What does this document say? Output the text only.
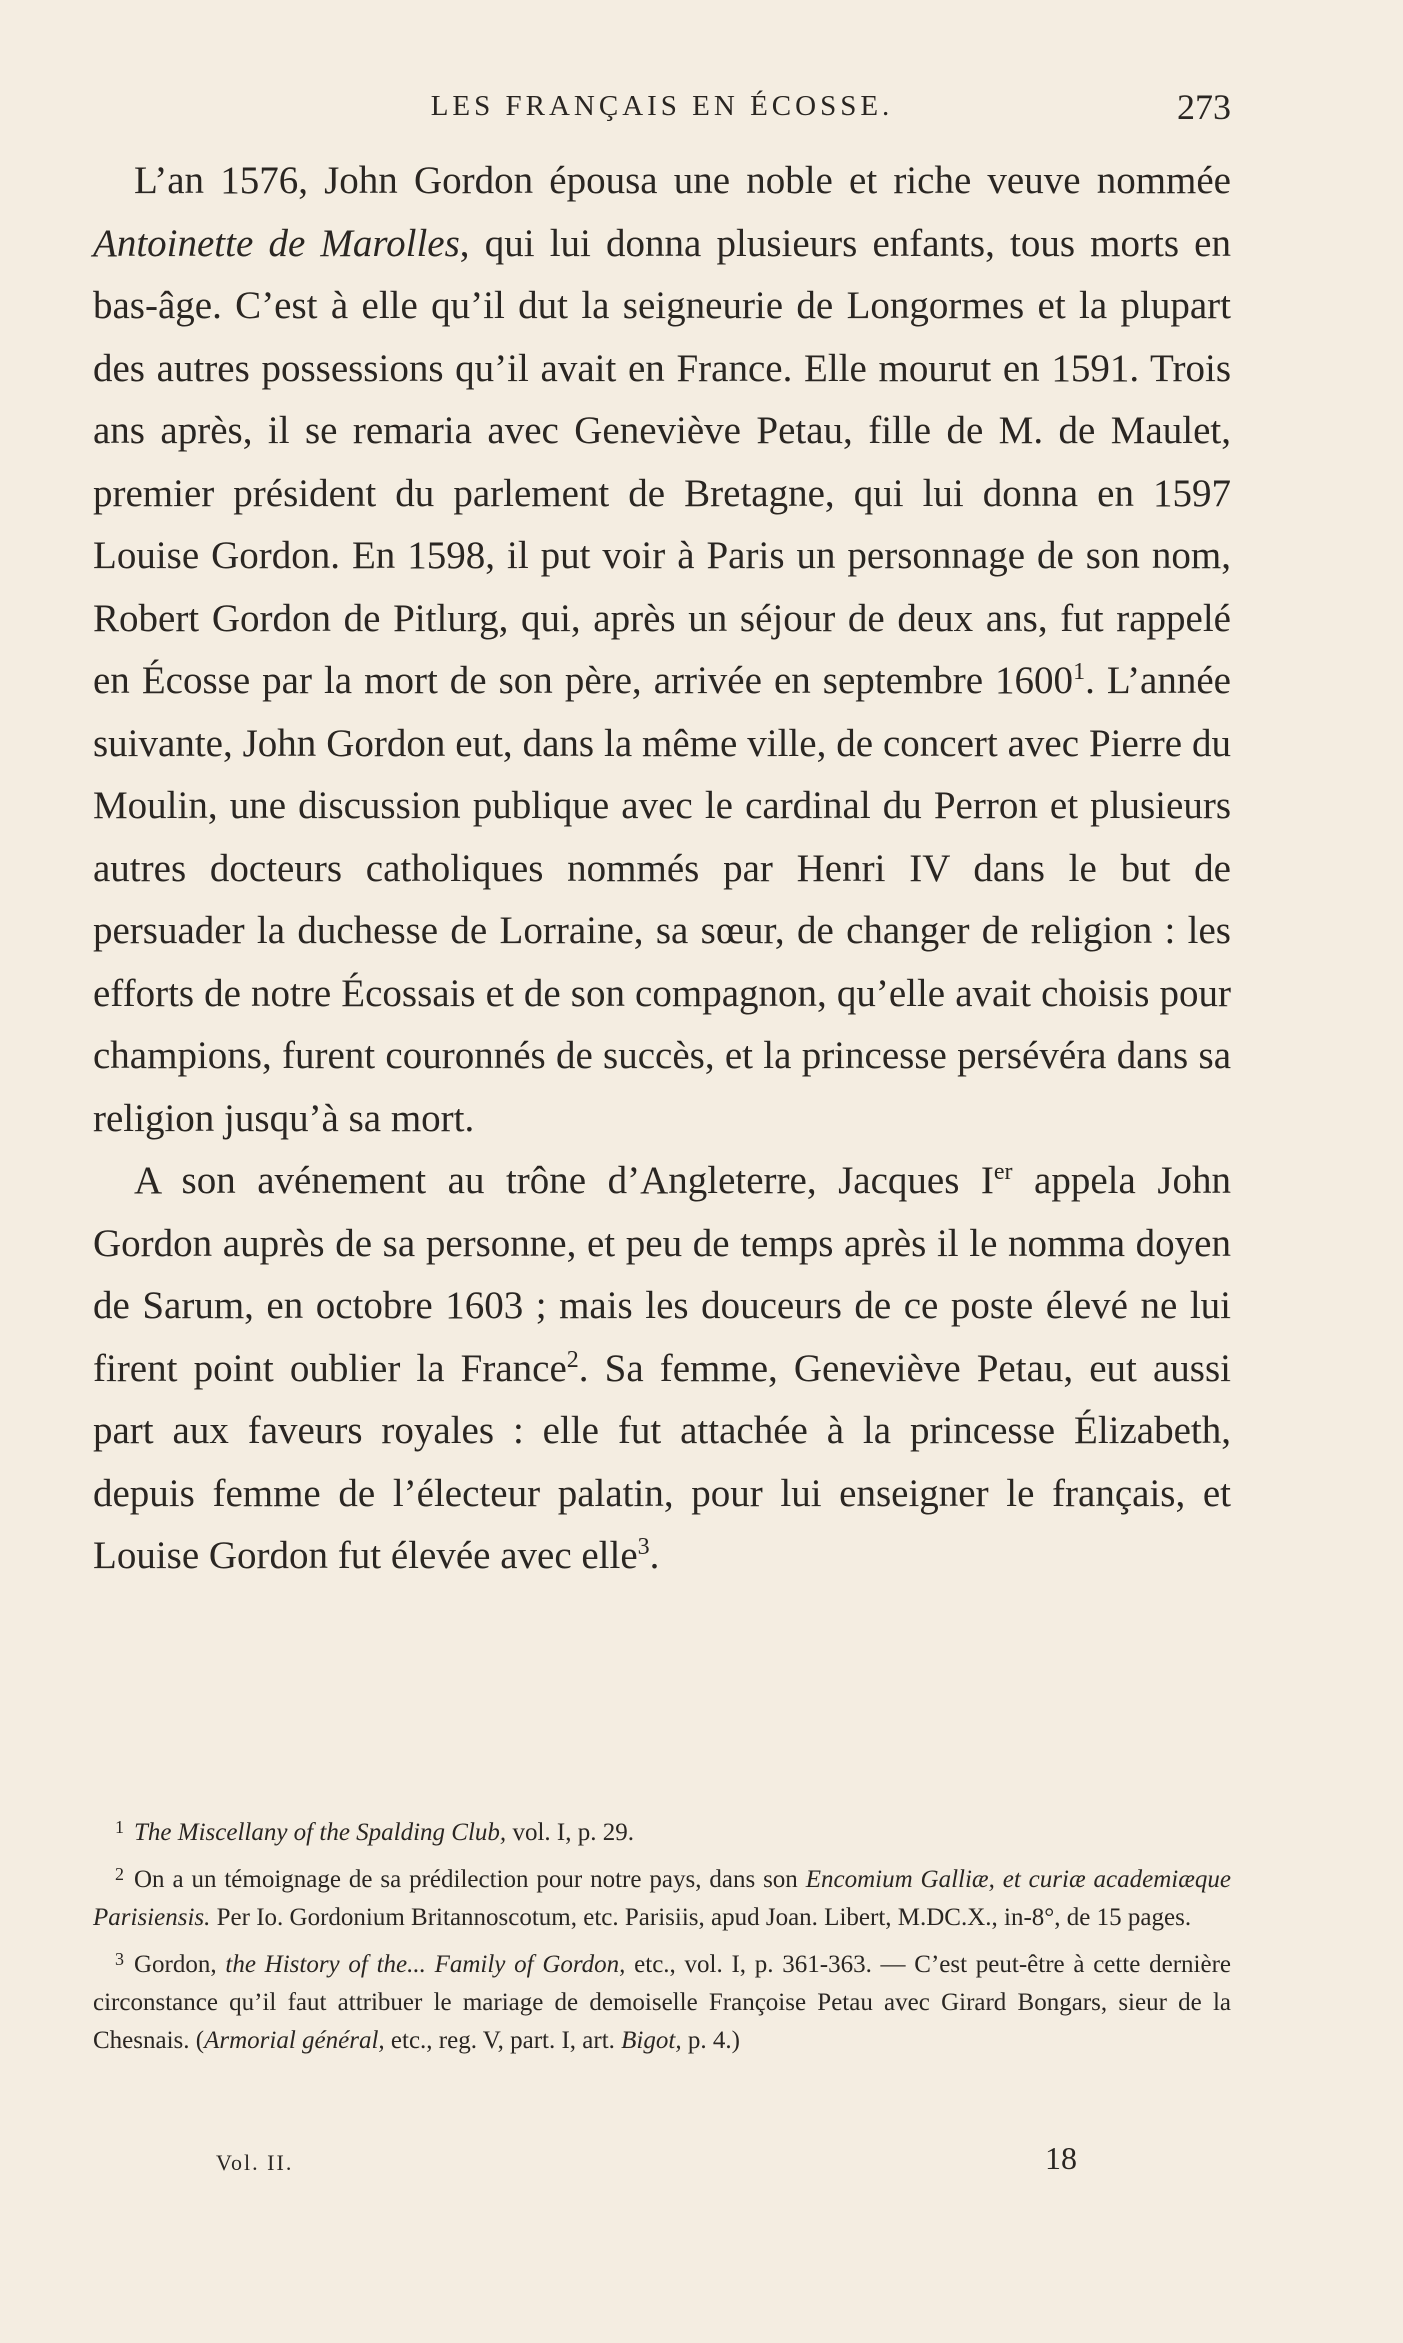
LES FRANÇAIS EN ÉCOSSE.	273

L’an 1576, John Gordon épousa une noble et riche veuve nommée Antoinette de Marolles, qui lui donna plusieurs enfants, tous morts en bas-âge. C’est à elle qu’il dut la seigneurie de Longormes et la plupart des autres possessions qu’il avait en France. Elle mourut en 1591. Trois ans après, il se remaria avec Geneviève Petau, fille de M. de Maulet, premier président du parlement de Bretagne, qui lui donna en 1597 Louise Gordon. En 1598, il put voir à Paris un personnage de son nom, Robert Gordon de Pitlurg, qui, après un séjour de deux ans, fut rappelé en Écosse par la mort de son père, arrivée en septembre 1600$^1$. L’année suivante, John Gordon eut, dans la même ville, de concert avec Pierre du Moulin, une discussion publique avec le cardinal du Perron et plusieurs autres docteurs catholiques nommés par Henri IV dans le but de persuader la duchesse de Lorraine, sa sœur, de changer de religion : les efforts de notre Écossais et de son compagnon, qu’elle avait choisis pour champions, furent couronnés de succès, et la princesse persévéra dans sa religion jusqu’à sa mort.

A son avénement au trône d’Angleterre, Jacques Ier appela John Gordon auprès de sa personne, et peu de temps après il le nomma doyen de Sarum, en octobre 1603 ; mais les douceurs de ce poste élevé ne lui firent point oublier la France$^2$. Sa femme, Geneviève Petau, eut aussi part aux faveurs royales : elle fut attachée à la princesse Élizabeth, depuis femme de l’électeur palatin, pour lui enseigner le français, et Louise Gordon fut élevée avec elle$^3$.

$^1$ The Miscellany of the Spalding Club, vol. I, p. 29.

$^2$ On a un témoignage de sa prédilection pour notre pays, dans son Encomium Galliæ, et curiæ academiæque Parisiensis. Per Io. Gordonium Britannoscotum, etc. Parisiis, apud Joan. Libert, M.DC.X., in-8°, de 15 pages.

$^3$ Gordon, the History of the... Family of Gordon, etc., vol. I, p. 361-363. — C’est peut-être à cette dernière circonstance qu’il faut attribuer le mariage de demoiselle Françoise Petau avec Girard Bongars, sieur de la Chesnais. (Armorial général, etc., reg. V, part. I, art. Bigot, p. 4.)

Vol. II.	18
